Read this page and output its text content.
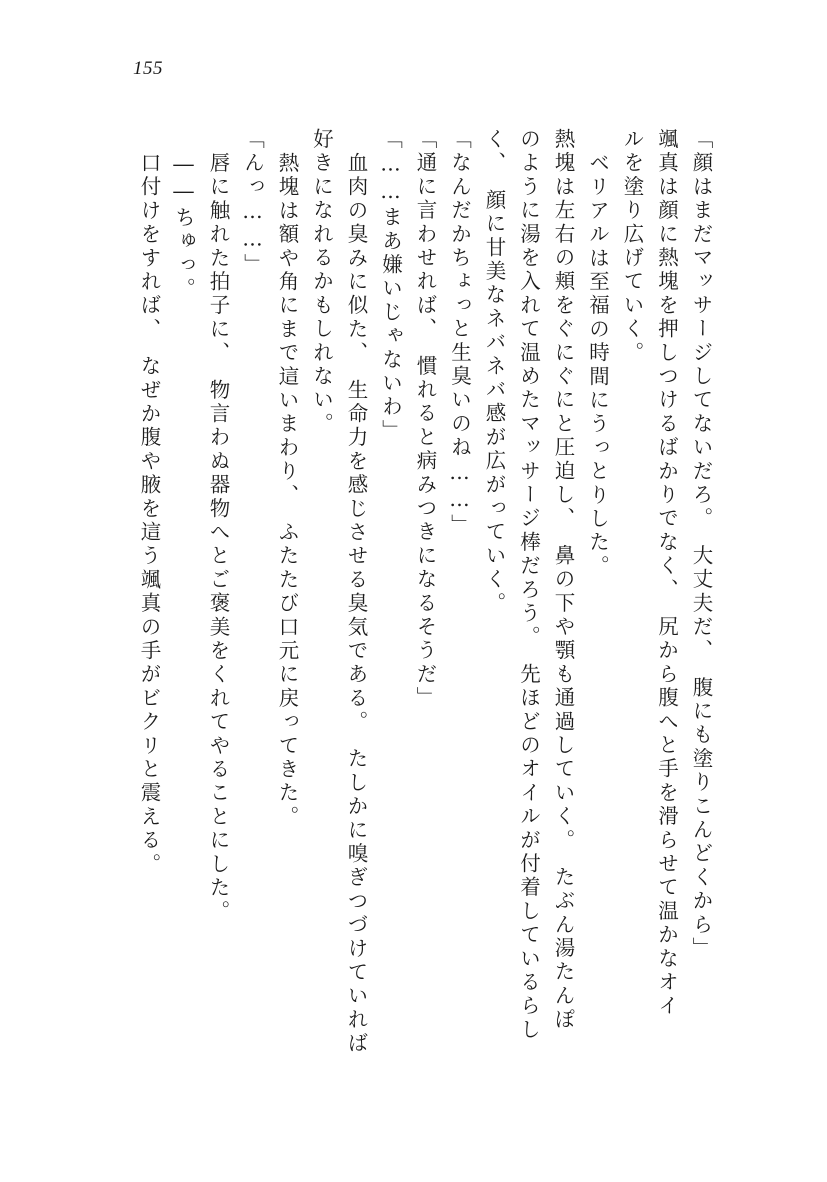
155
「顔はまだマッサージしてないだろ。　大丈夫だ、　腹にも塗りこんどくから」
颯真は顔に熱塊を押しつけるばかりでなく、　尻から腹へと手を滑らせて温かなオイ
ルを塗り広げていく。
ベリアルは至福の時間にうっとりした。
熱塊は左右の頬をぐにぐにと圧迫し、　鼻の下や顎も通過していく。　たぶん湯たんぽ
のように湯を入れて温めたマッサージ棒だろう。　先ほどのオイルが付着しているらし
く、　顔に甘美なネバネバ感が広がっていく。
「なんだかちょっと生臭いのね……」
「通に言わせれば、　慣れると病みつきになるそうだ」
「……まあ嫌いじゃないわ」
血肉の臭みに似た、　生命力を感じさせる臭気である。　たしかに嗅ぎつづけていれば
好きになれるかもしれない。
熱塊は額や角にまで這いまわり、　ふたたび口元に戻ってきた。
「んっ……」
唇に触れた拍子に、　物言わぬ器物へとご褒美をくれてやることにした。
――ちゅっ。
口付けをすれば、　なぜか腹や腋を這う颯真の手がビクリと震える。
